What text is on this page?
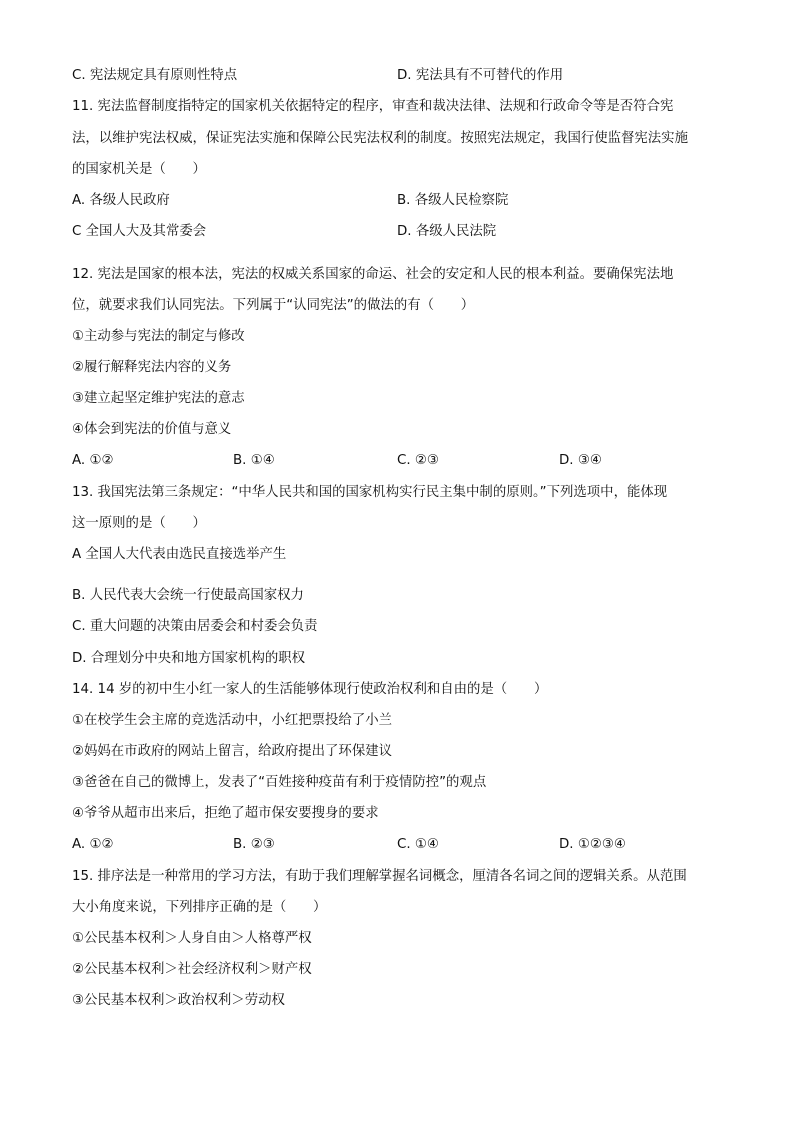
C. 宪法规定具有原则性特点	D. 宪法具有不可替代的作用
11. 宪法监督制度指特定的国家机关依据特定的程序，审查和裁决法律、法规和行政命令等是否符合宪
法，以维护宪法权威，保证宪法实施和保障公民宪法权利的制度。按照宪法规定，我国行使监督宪法实施
的国家机关是（　　）
A. 各级人民政府	B. 各级人民检察院
C 全国人大及其常委会	D. 各级人民法院
12. 宪法是国家的根本法，宪法的权威关系国家的命运、社会的安定和人民的根本利益。要确保宪法地
位，就要求我们认同宪法。下列属于“认同宪法”的做法的有（　　）
①主动参与宪法的制定与修改
②履行解释宪法内容的义务
③建立起坚定维护宪法的意志
④体会到宪法的价值与意义
A. ①②	B. ①④	C. ②③	D. ③④
13. 我国宪法第三条规定：“中华人民共和国的国家机构实行民主集中制的原则。”下列选项中，能体现
这一原则的是（　　）
A 全国人大代表由选民直接选举产生
B. 人民代表大会统一行使最高国家权力
C. 重大问题的决策由居委会和村委会负责
D. 合理划分中央和地方国家机构的职权
14. 14 岁的初中生小红一家人的生活能够体现行使政治权利和自由的是（　　）
①在校学生会主席的竞选活动中，小红把票投给了小兰
②妈妈在市政府的网站上留言，给政府提出了环保建议
③爸爸在自己的微博上，发表了“百姓接种疫苗有利于疫情防控”的观点
④爷爷从超市出来后，拒绝了超市保安要搜身的要求
A. ①②	B. ②③	C. ①④	D. ①②③④
15. 排序法是一种常用的学习方法，有助于我们理解掌握名词概念，厘清各名词之间的逻辑关系。从范围
大小角度来说，下列排序正确的是（　　）
①公民基本权利＞人身自由＞人格尊严权
②公民基本权利＞社会经济权利＞财产权
③公民基本权利＞政治权利＞劳动权
